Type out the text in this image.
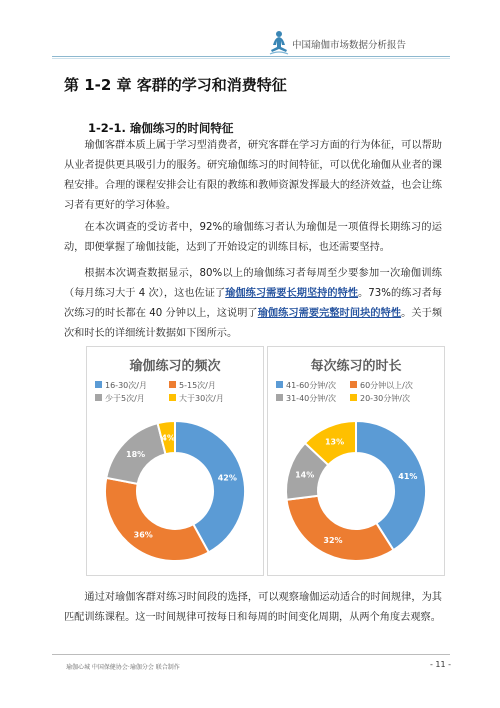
中国瑜伽市场数据分析报告
第 1-2 章 客群的学习和消费特征
1-2-1. 瑜伽练习的时间特征
瑜伽客群本质上属于学习型消费者，研究客群在学习方面的行为体征，可以帮助从业者提供更具吸引力的服务。研究瑜伽练习的时间特征，可以优化瑜伽从业者的课程安排。合理的课程安排会让有限的教练和教师资源发挥最大的经济效益，也会让练习者有更好的学习体验。
在本次调查的受访者中，92%的瑜伽练习者认为瑜伽是一项值得长期练习的运动，即便掌握了瑜伽技能，达到了开始设定的训练目标，也还需要坚持。
根据本次调查数据显示，80%以上的瑜伽练习者每周至少要参加一次瑜伽训练（每月练习大于 4 次），这也佐证了瑜伽练习需要长期坚持的特性。73%的练习者每次练习的时长都在 40 分钟以上，这说明了瑜伽练习需要完整时间块的特性。关于频次和时长的详细统计数据如下图所示。
瑜伽练习的频次
16-30次/月	5-15次/月
少于5次/月	大于30次/月
42%
36%
18%
4%
每次练习的时长
41-60分钟/次	60分钟以上/次
31-40分钟/次	20-30分钟/次
41%
32%
14%
13%
通过对瑜伽客群对练习时间段的选择，可以观察瑜伽运动适合的时间规律，为其匹配训练课程。这一时间规律可按每日和每周的时间变化周期，从两个角度去观察。
瑜伽心城 中国保健协会·瑜伽分会 联合制作	- 11 -
